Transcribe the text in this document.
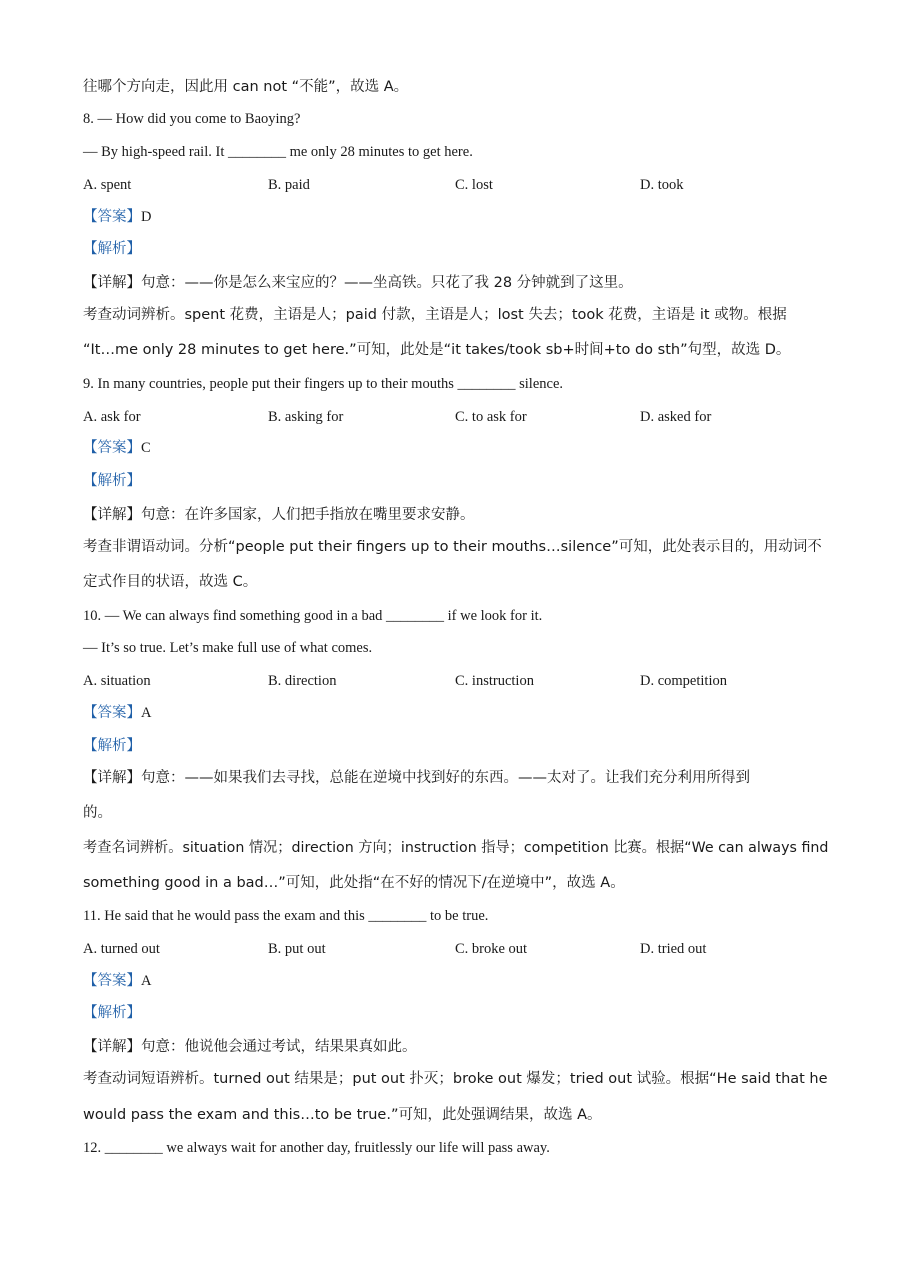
往哪个方向走，因此用 can not “不能”，故选 A。
8. — How did you come to Baoying?
— By high-speed rail. It ________ me only 28 minutes to get here.
A. spent	B. paid	C. lost	D. took
【答案】D
【解析】
【详解】句意：——你是怎么来宝应的？——坐高铁。只花了我 28 分钟就到了这里。
考查动词辨析。spent 花费，主语是人；paid 付款，主语是人；lost 失去；took 花费，主语是 it 或物。根据
“It…me only 28 minutes to get here.”可知，此处是“it takes/took sb+时间+to do sth”句型，故选 D。
9. In many countries, people put their fingers up to their mouths ________ silence.
A. ask for	B. asking for	C. to ask for	D. asked for
【答案】C
【解析】
【详解】句意：在许多国家，人们把手指放在嘴里要求安静。
考查非谓语动词。分析“people put their fingers up to their mouths…silence”可知，此处表示目的，用动词不
定式作目的状语，故选 C。
10. — We can always find something good in a bad ________ if we look for it.
— It’s so true. Let’s make full use of what comes.
A. situation	B. direction	C. instruction	D. competition
【答案】A
【解析】
【详解】句意：——如果我们去寻找，总能在逆境中找到好的东西。——太对了。让我们充分利用所得到
的。
考查名词辨析。situation 情况；direction 方向；instruction 指导；competition 比赛。根据“We can always find
something good in a bad…”可知，此处指“在不好的情况下/在逆境中”，故选 A。
11. He said that he would pass the exam and this ________ to be true.
A. turned out	B. put out	C. broke out	D. tried out
【答案】A
【解析】
【详解】句意：他说他会通过考试，结果果真如此。
考查动词短语辨析。turned out 结果是；put out 扑灭；broke out 爆发；tried out 试验。根据“He said that he
would pass the exam and this…to be true.”可知，此处强调结果，故选 A。
12. ________ we always wait for another day, fruitlessly our life will pass away.
